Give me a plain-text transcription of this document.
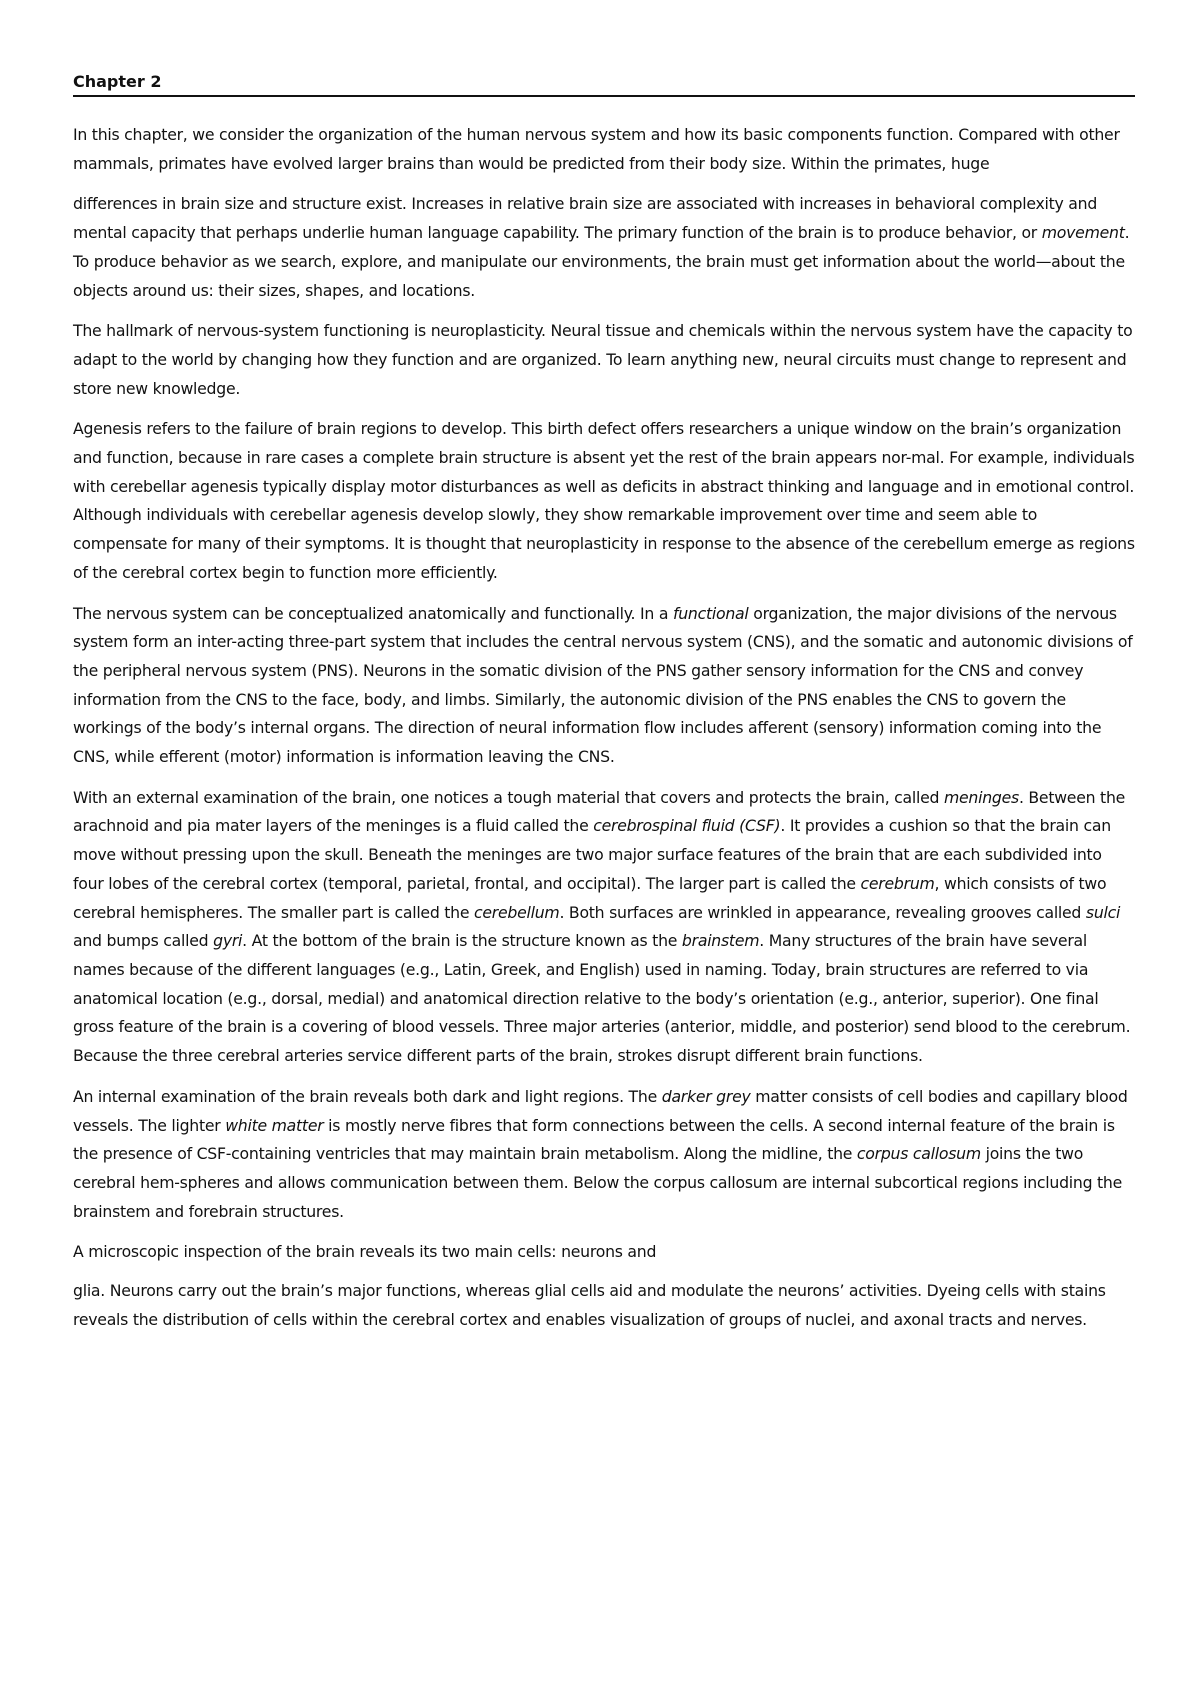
Chapter 2

In this chapter, we consider the organization of the human nervous system and how its basic components function. Compared with other mammals, primates have evolved larger brains than would be predicted from their body size. Within the primates, huge

differences in brain size and structure exist. Increases in relative brain size are associated with increases in behavioral complexity and mental capacity that perhaps underlie human language capability. The primary function of the brain is to produce behavior, or movement. To produce behavior as we search, explore, and manipulate our environments, the brain must get information about the world—about the objects around us: their sizes, shapes, and locations.

The hallmark of nervous-system functioning is neuroplasticity. Neural tissue and chemicals within the nervous system have the capacity to adapt to the world by changing how they function and are organized. To learn anything new, neural circuits must change to represent and store new knowledge.

Agenesis refers to the failure of brain regions to develop. This birth defect offers researchers a unique window on the brain’s organization and function, because in rare cases a complete brain structure is absent yet the rest of the brain appears nor-mal. For example, individuals with cerebellar agenesis typically display motor disturbances as well as deficits in abstract thinking and language and in emotional control. Although individuals with cerebellar agenesis develop slowly, they show remarkable improvement over time and seem able to compensate for many of their symptoms. It is thought that neuroplasticity in response to the absence of the cerebellum emerge as regions of the cerebral cortex begin to function more efficiently.

The nervous system can be conceptualized anatomically and functionally. In a functional organization, the major divisions of the nervous system form an inter-acting three-part system that includes the central nervous system (CNS), and the somatic and autonomic divisions of the peripheral nervous system (PNS). Neurons in the somatic division of the PNS gather sensory information for the CNS and convey information from the CNS to the face, body, and limbs. Similarly, the autonomic division of the PNS enables the CNS to govern the workings of the body’s internal organs. The direction of neural information flow includes afferent (sensory) information coming into the CNS, while efferent (motor) information is information leaving the CNS.

With an external examination of the brain, one notices a tough material that covers and protects the brain, called meninges. Between the arachnoid and pia mater layers of the meninges is a fluid called the cerebrospinal fluid (CSF). It provides a cushion so that the brain can move without pressing upon the skull. Beneath the meninges are two major surface features of the brain that are each subdivided into four lobes of the cerebral cortex (temporal, parietal, frontal, and occipital). The larger part is called the cerebrum, which consists of two cerebral hemispheres. The smaller part is called the cerebellum. Both surfaces are wrinkled in appearance, revealing grooves called sulci and bumps called gyri. At the bottom of the brain is the structure known as the brainstem. Many structures of the brain have several names because of the different languages (e.g., Latin, Greek, and English) used in naming. Today, brain structures are referred to via anatomical location (e.g., dorsal, medial) and anatomical direction relative to the body’s orientation (e.g., anterior, superior). One final gross feature of the brain is a covering of blood vessels. Three major arteries (anterior, middle, and posterior) send blood to the cerebrum. Because the three cerebral arteries service different parts of the brain, strokes disrupt different brain functions.

An internal examination of the brain reveals both dark and light regions. The darker grey matter consists of cell bodies and capillary blood vessels. The lighter white matter is mostly nerve fibres that form connections between the cells. A second internal feature of the brain is the presence of CSF-containing ventricles that may maintain brain metabolism. Along the midline, the corpus callosum joins the two cerebral hem-spheres and allows communication between them. Below the corpus callosum are internal subcortical regions including the brainstem and forebrain structures.

A microscopic inspection of the brain reveals its two main cells: neurons and

glia. Neurons carry out the brain’s major functions, whereas glial cells aid and modulate the neurons’ activities. Dyeing cells with stains reveals the distribution of cells within the cerebral cortex and enables visualization of groups of nuclei, and axonal tracts and nerves.
